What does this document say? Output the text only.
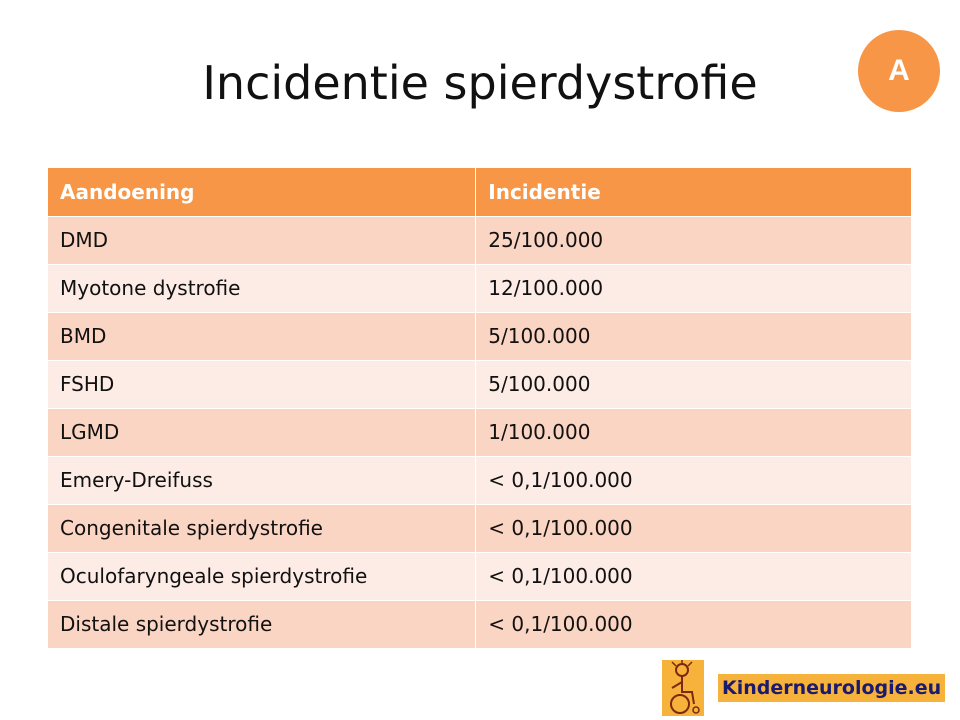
Incidentie spierdystrofie	A
Aandoening	Incidentie
DMD	25/100.000
Myotone dystrofie	12/100.000
BMD	5/100.000
FSHD	5/100.000
LGMD	1/100.000
Emery-Dreifuss	< 0,1/100.000
Congenitale spierdystrofie	< 0,1/100.000
Oculofaryngeale spierdystrofie	< 0,1/100.000
Distale spierdystrofie	< 0,1/100.000
Kinderneurologie.eu
